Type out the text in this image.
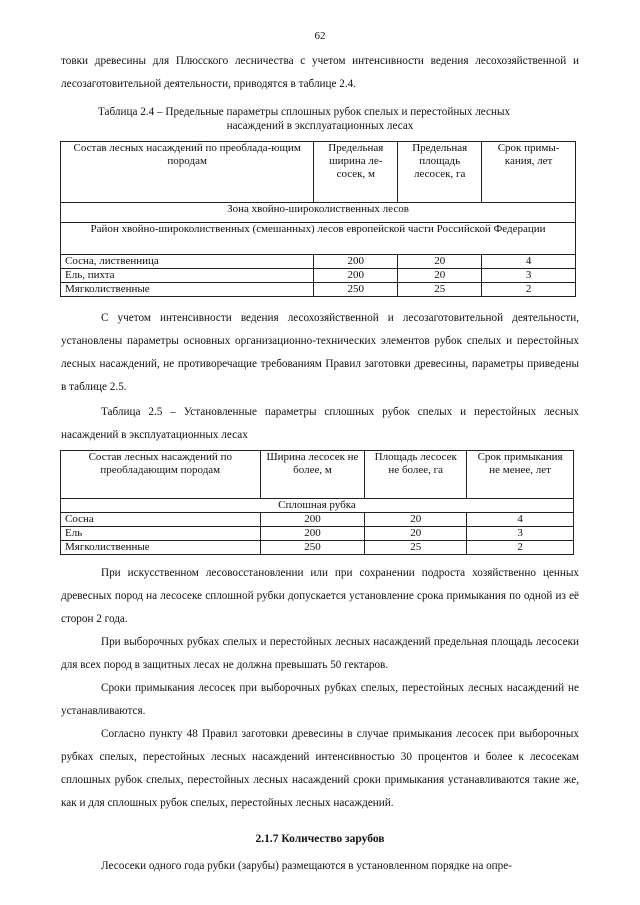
62

товки древесины для Плюсского лесничества с учетом интенсивности ведения лесохозяйственной и лесозаготовительной деятельности, приводятся в таблице 2.4.

Таблица 2.4 – Предельные параметры сплошных рубок спелых и перестойных лесных

насаждений в эксплуатационных лесах

Состав лесных насаждений по преоблада-ющим породам	Предельная ширина ле-сосек, м	Предельная площадь лесосек, га	Срок примы-кания, лет
Зона хвойно-широколиственных лесов			
Район хвойно-широколиственных (смешанных) лесов европейской части Российской Федерации			
Сосна, лиственница	200	20	4
Ель, пихта	200	20	3
Мягколиственные	250	25	2

С учетом интенсивности ведения лесохозяйственной и лесозаготовительной деятельности, установлены параметры основных организационно-технических элементов рубок спелых и перестойных лесных насаждений, не противоречащие требованиям Правил заготовки древесины, параметры приведены в таблице 2.5.

Таблица 2.5 – Установленные параметры сплошных рубок спелых и перестойных лесных насаждений в эксплуатационных лесах

Состав лесных насаждений по преобладающим породам	Ширина лесосек не более, м	Площадь лесосек не более, га	Срок примыкания не менее, лет
Сплошная рубка			
Сосна	200	20	4
Ель	200	20	3
Мягколиственные	250	25	2

При искусственном лесовосстановлении или при сохранении подроста хозяйственно ценных древесных пород на лесосеке сплошной рубки допускается установление срока примыкания по одной из её сторон 2 года.

При выборочных рубках спелых и перестойных лесных насаждений предельная площадь лесосеки для всех пород в защитных лесах не должна превышать 50 гектаров.

Сроки примыкания лесосек при выборочных рубках спелых, перестойных лесных насаждений не устанавливаются.

Согласно пункту 48 Правил заготовки древесины в случае примыкания лесосек при выборочных рубках спелых, перестойных лесных насаждений интенсивностью 30 процентов и более к лесосекам сплошных рубок спелых, перестойных лесных насаждений сроки примыкания устанавливаются такие же, как и для сплошных рубок спелых, перестойных лесных насаждений.

2.1.7 Количество зарубов

Лесосеки одного года рубки (зарубы) размещаются в установленном порядке на опре-
